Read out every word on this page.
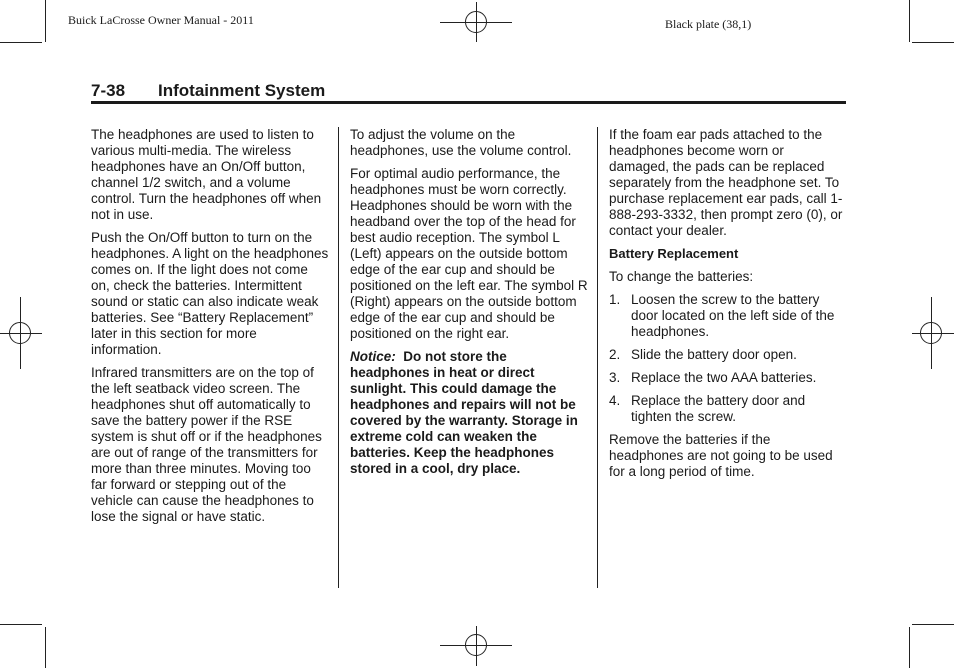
Buick LaCrosse Owner Manual - 2011	Black plate (38,1)
7-38 Infotainment System

The headphones are used to listen to various multi-media. The wireless headphones have an On/Off button, channel 1/2 switch, and a volume control. Turn the headphones off when not in use.

Push the On/Off button to turn on the headphones. A light on the headphones comes on. If the light does not come on, check the batteries. Intermittent sound or static can also indicate weak batteries. See “Battery Replacement” later in this section for more information.

Infrared transmitters are on the top of the left seatback video screen. The headphones shut off automatically to save the battery power if the RSE system is shut off or if the headphones are out of range of the transmitters for more than three minutes. Moving too far forward or stepping out of the vehicle can cause the headphones to lose the signal or have static.

To adjust the volume on the headphones, use the volume control.

For optimal audio performance, the headphones must be worn correctly. Headphones should be worn with the headband over the top of the head for best audio reception. The symbol L (Left) appears on the outside bottom edge of the ear cup and should be positioned on the left ear. The symbol R (Right) appears on the outside bottom edge of the ear cup and should be positioned on the right ear.

Notice: Do not store the headphones in heat or direct sunlight. This could damage the headphones and repairs will not be covered by the warranty. Storage in extreme cold can weaken the batteries. Keep the headphones stored in a cool, dry place.

If the foam ear pads attached to the headphones become worn or damaged, the pads can be replaced separately from the headphone set. To purchase replacement ear pads, call 1-888-293-3332, then prompt zero (0), or contact your dealer.

Battery Replacement

To change the batteries:

1. Loosen the screw to the battery door located on the left side of the headphones.
2. Slide the battery door open.
3. Replace the two AAA batteries.
4. Replace the battery door and tighten the screw.

Remove the batteries if the headphones are not going to be used for a long period of time.
